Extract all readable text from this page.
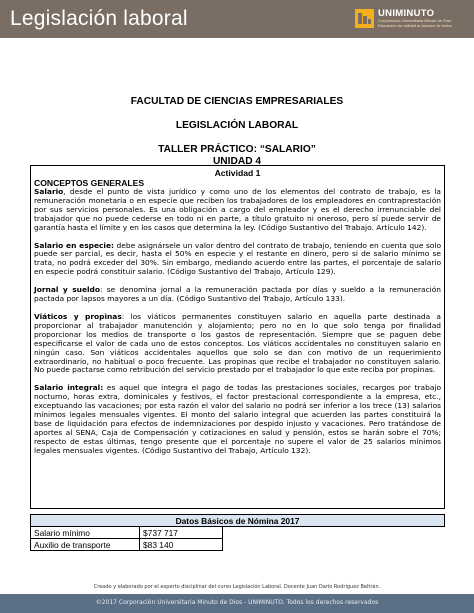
Legislación laboral	UNIMINUTO
Corporación Universitaria Minuto de Dios · Educación de calidad al alcance de todos
FACULTAD DE CIENCIAS EMPRESARIALES
LEGISLACIÓN LABORAL
TALLER PRÁCTICO: “SALARIO”
UNIDAD 4
Actividad 1
CONCEPTOS GENERALES

Salario, desde el punto de vista jurídico y como uno de los elementos del contrato de trabajo, es la remuneración monetaria o en especie que reciben los trabajadores de los empleadores en contraprestación por sus servicios personales. Es una obligación a cargo del empleador y es el derecho irrenunciable del trabajador que no puede cederse en todo ni en parte, a título gratuito ni oneroso, pero sí puede servir de garantía hasta el límite y en los casos que determina la ley. (Código Sustantivo del Trabajo. Artículo 142).

Salario en especie: debe asignársele un valor dentro del contrato de trabajo, teniendo en cuenta que solo puede ser parcial, es decir, hasta el 50% en especie y el restante en dinero, pero si de salario mínimo se trata, no podrá exceder del 30%. Sin embargo, mediando acuerdo entre las partes, el porcentaje de salario en especie podrá constituir salario. (Código Sustantivo del Trabajo, Artículo 129).

Jornal y sueldo: se denomina jornal a la remuneración pactada por días y sueldo a la remuneración pactada por lapsos mayores a un día. (Código Sustantivo del Trabajo, Artículo 133).

Viáticos y propinas: los viáticos permanentes constituyen salario en aquella parte destinada a proporcionar al trabajador manutención y alojamiento; pero no en lo que solo tenga por finalidad proporcionar los medios de transporte o los gastos de representación. Siempre que se paguen debe especificarse el valor de cada uno de estos conceptos. Los viáticos accidentales no constituyen salario en ningún caso. Son viáticos accidentales aquellos que solo se dan con motivo de un requerimiento extraordinario, no habitual o poco frecuente. Las propinas que recibe el trabajador no constituyen salario. No puede pactarse como retribución del servicio prestado por el trabajador lo que este reciba por propinas.

Salario integral: es aquel que integra el pago de todas las prestaciones sociales, recargos por trabajo nocturno, horas extra, dominicales y festivos, el factor prestacional correspondiente a la empresa, etc., exceptuando las vacaciones; por esta razón el valor del salario no podrá ser inferior a los trece (13) salarios mínimos legales mensuales vigentes. El monto del salario integral que acuerden las partes constituirá la base de liquidación para efectos de indemnizaciones por despido injusto y vacaciones. Pero tratándose de aportes al SENA, Caja de Compensación y cotizaciones en salud y pensión, estos se harán sobre el 70%; respecto de estas últimas, tengo presente que el porcentaje no supere el valor de 25 salarios mínimos legales mensuales vigentes. (Código Sustantivo del Trabajo, Artículo 132).

Datos Básicos de Nómina 2017		
Salario mínimo	$737 717	
Auxilio de transporte	$83 140	
Creado y elaborado por el experto disciplinar del curso Legislación Laboral. Docente Juan Darío Rodríguez Beltrán.
©2017 Corporación Universitaria Minuto de Dios - UNIMINUTO. Todos los derechos reservados
